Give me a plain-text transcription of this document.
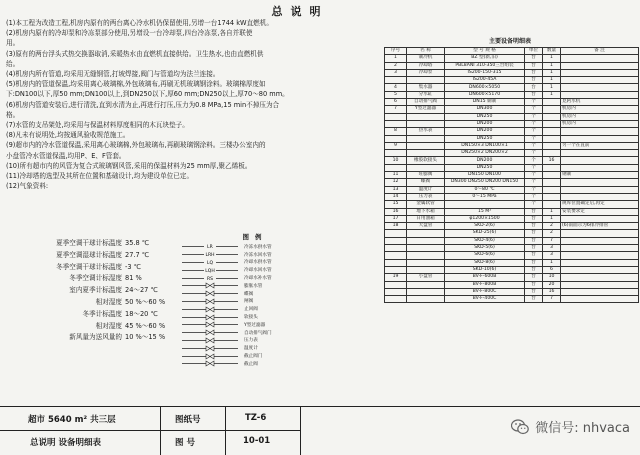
总说明
(1)本工程为改造工程,机房内原有的两台离心冷水机仍保留使用,另增一台1744 kW直燃机。
(2)机房内原有的冷却泵和冷冻泵部分使用,另增设一台冷却泵,四台冷冻泵,各自并联使
用。
(3)原有的两台浮头式热交换器取消,采暖热水由直燃机直接供给。卫生热水,也由直燃机供
给。
(4)机房内所有管道,均采用无缝钢管,打坡焊接,阀门与管道均为法兰连接。
(5)机房内的管道保温,均采用离心玻璃棉,外包玻璃布,再刷无机玻璃钢涂料。玻璃棉厚度如
下:DN100以下,厚50 mm;DN100以上,到DN250以下,厚60 mm;DN250以上,厚70～80 mm。
(6)机房内管道安装后,进行清洗,直到水清为止,再进行打压,压力为0.8 MPa,15 min不掉压为合
格。
(7)水管的支吊架处,均采用与保温材料厚度相同的木瓦块垫子。
(8)凡未有说明处,均按通风验收规范施工。
(9)超市内的冷水管道保温,采用离心玻璃棉,外包玻璃布,再刷玻璃钢涂料。三楼办公室内的
小盘管冷水管道保温,均用P、E、F管套。
(10)所有超市内的风管为复合式玻璃钢风管,采用的保温材料为25 mm厚,聚乙烯板。
(11)冷却塔的选型及其所在位置和基础设计,均为建设单位已定。
(12)气象资料:
夏季空调干球计标温度 35.8 ℃
夏季空调湿球计标温度 27.7 ℃
冬季空调干球计标温度 -3 ℃
冬季空调计标湿度 81 %
室内夏季计标温度 24～27 ℃
相对湿度 50 %～60 %
冬季计标温度 18～20 ℃
相对湿度 45 %～60 %
新风量为送风量的 10 %～15 %
图例
LR	冷冻水供水管
LRH	冷冻水回水管
LQ	冷却水供水管
LQH	冷却水回水管
RS	冷却水补水管
膨胀水管
蝶阀
闸阀
止回阀
软接头
Y型过滤器
自动排气阀门
压力表
温度计
截止阀门
截止阀
主要设备明细表
序号	名 称	型 号 规 格	单位	数量	备 注
1	制冷机	BZ 型(新,旧)	台	1	
2	冷却塔	PBL8ANI 310-350三台组装	台	1	
3	冷却泵	IS200-150-315	台	1	
		IS200-45A	台	1	
4	集水器	DN600×5050	台	1	
5	分水缸	DN600×5170	台	1	
6	自动排气阀	DN15 铜制	个		見阿水机
7	Y型过滤器	DN300	个		机房内
		DN250	个		机房内
		DN200	个		机房内
8	热水表	DN200	个		
		DN250	个		
9		DN150×3 DN100×1	个		另一个在直前
		DN250×2 DN200×2	个		
10	橡胶软接头	DN200	个	16	
		DN250	个		
11	旺膨阀	DN150 DN100	个		钢制
12	蝶阀	DN300 DN250 DN200 DN150	个		
13	温度计	0～80 ℃	个		
14	压力表	0～15 MPa	个		
15	金属软管		个		规库位置确定后,再定
16	地下水箱	15 M³	台	1	安装要求定
17	日用油箱	φ1200×1500	台	1	
18	大盘管	SKD-2(6)	台	2	(6)南面示为6排冷排管
		SKD-25(6)	台	2	
		SKD-4(6)	台	7	
		SKD-5(6)	台	3	
		SKD-6(6)	台	3	
		SKD-8(6)	台	1	
		SKD-10(6)	台	6	
19	小盘管	BV-F-600B	台	10	
		BV-F-800B	台	20	
		BV-F-800C	台	16	
		BV-F-400C	台	7	
超市 5640 m² 共三层	图纸号	TZ-6
总说明 设备明细表	图 号	10-01
微信号: nhvaca
